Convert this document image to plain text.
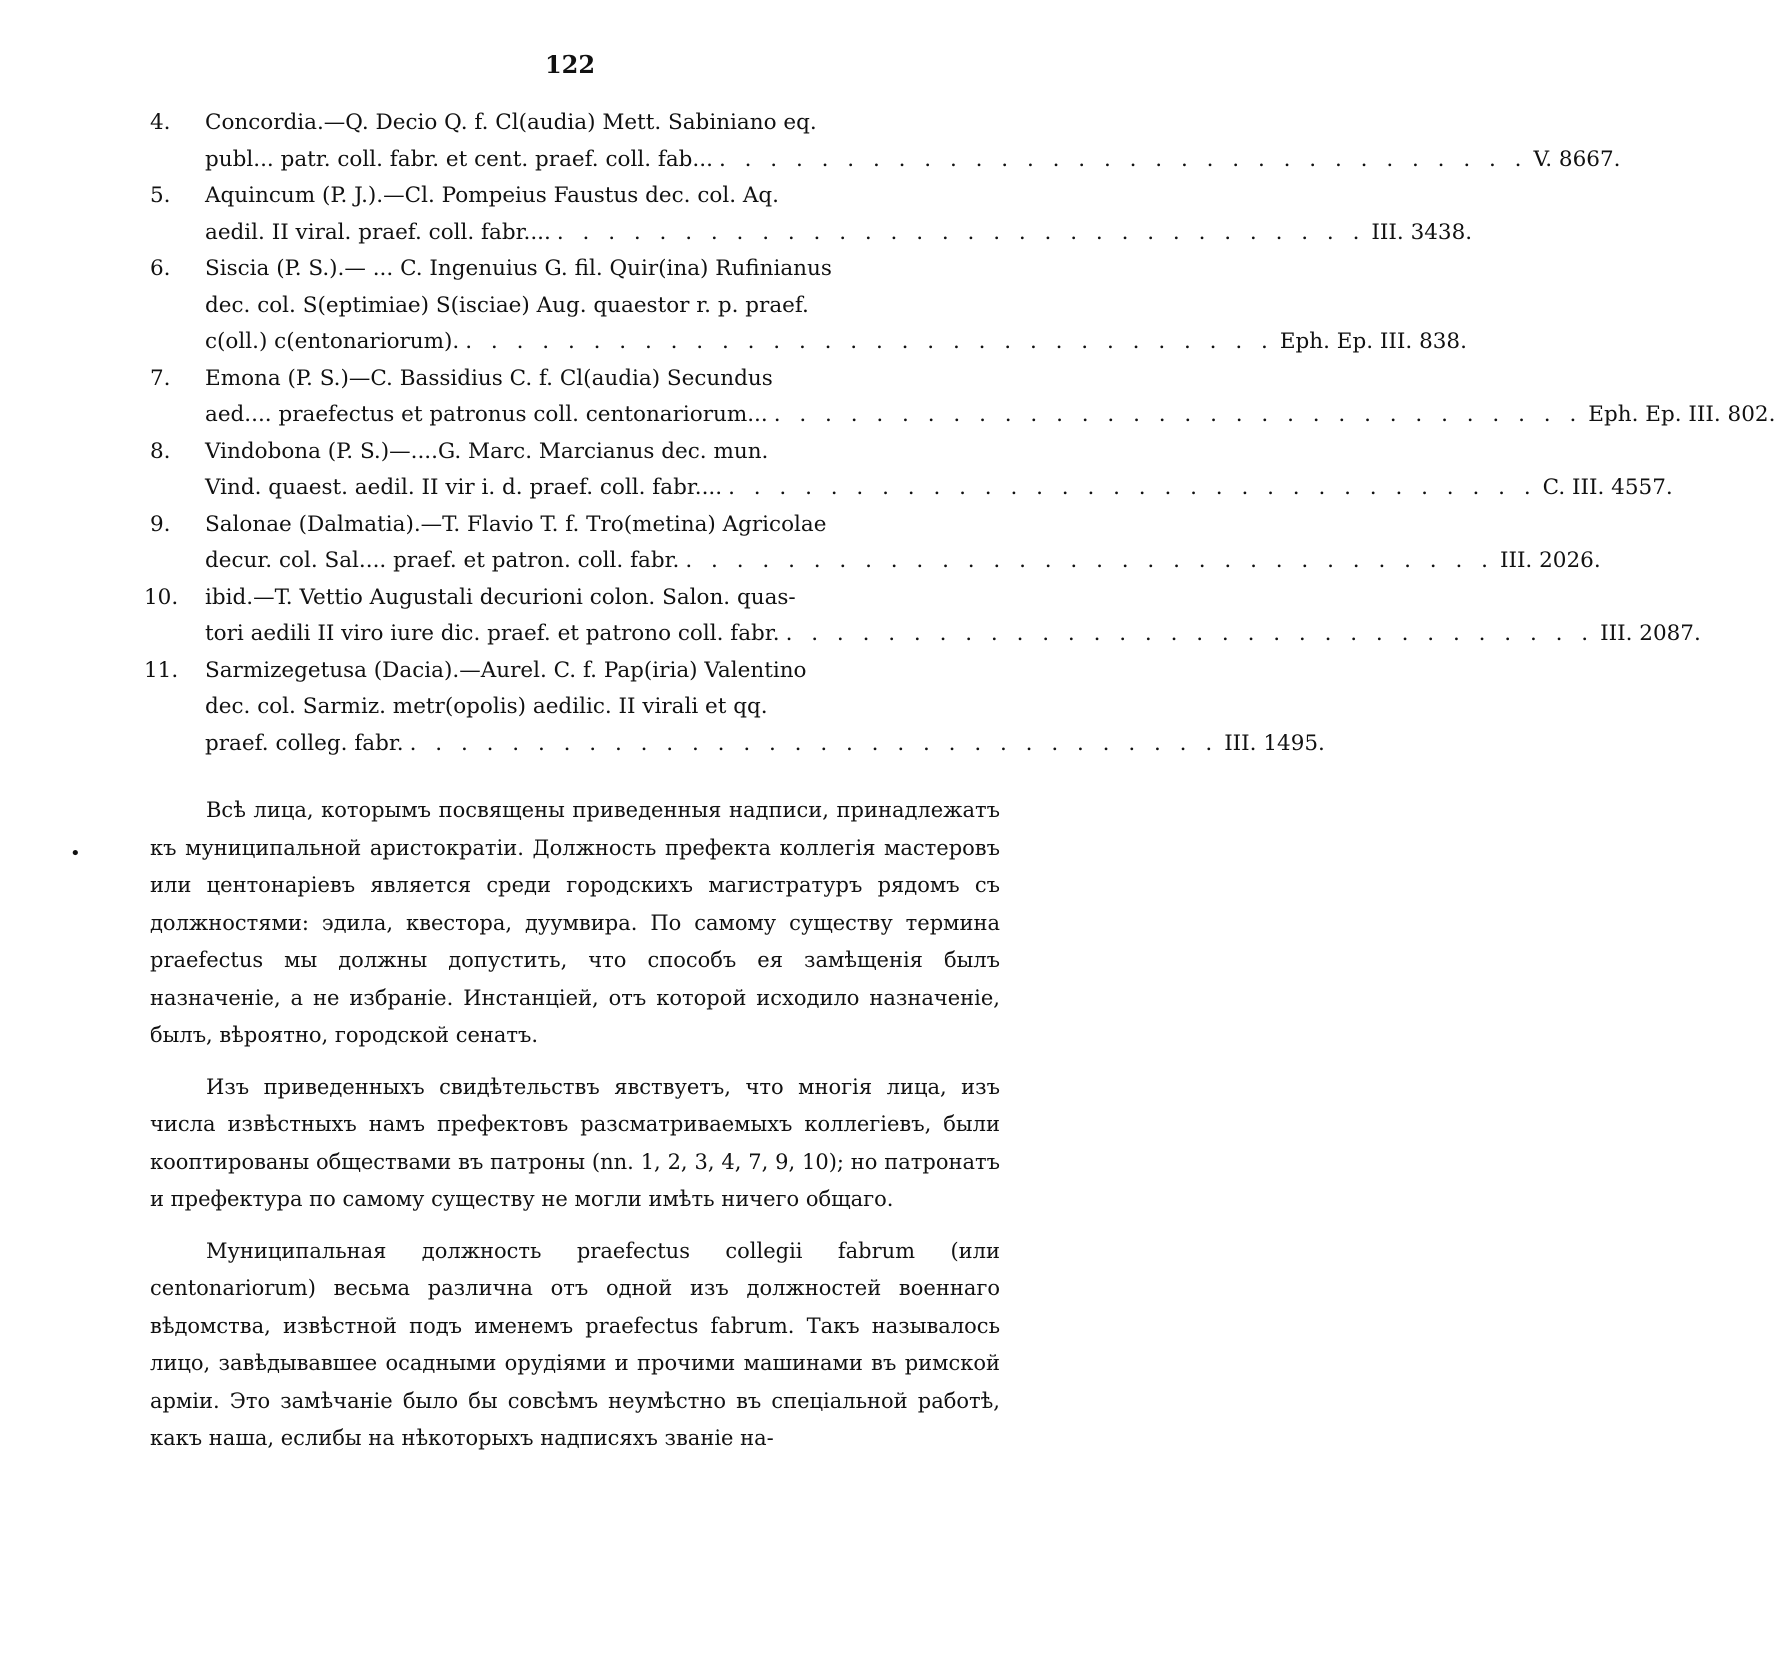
122
4. Concordia.—Q. Decio Q. f. Cl(audia) Mett. Sabiniano eq.
publ... patr. coll. fabr. et cent. praef. coll. fab... . . . . . . . . . . . . . . . . . . . . . . . . . . . . . . . . V. 8667.
5. Aquincum (P. J.).—Cl. Pompeius Faustus dec. col. Aq.
aedil. II viral. praef. coll. fabr.... . . . . . . . . . . . . . . . . . . . . . . . . . . . . . . . . III. 3438.
6. Siscia (P. S.).— ... C. Ingenuius G. fil. Quir(ina) Rufinianus
dec. col. S(eptimiae) S(isciae) Aug. quaestor r. p. praef.
c(oll.) c(entonariorum). . . . . . . . . . . . . . . . . . . . . . . . . . . . . . . . . Eph. Ep. III. 838.
7. Emona (P. S.)—C. Bassidius C. f. Cl(audia) Secundus
aed.... praefectus et patronus coll. centonariorum... . . . . . . . . . . . . . . . . . . . . . . . . . . . . . . . . Eph. Ep. III. 802.
8. Vindobona (P. S.)—....G. Marc. Marcianus dec. mun.
Vind. quaest. aedil. II vir i. d. praef. coll. fabr.... . . . . . . . . . . . . . . . . . . . . . . . . . . . . . . . . C. III. 4557.
9. Salonae (Dalmatia).—T. Flavio T. f. Tro(metina) Agricolae
decur. col. Sal.... praef. et patron. coll. fabr. . . . . . . . . . . . . . . . . . . . . . . . . . . . . . . . . III. 2026.
10. ibid.—T. Vettio Augustali decurioni colon. Salon. quas-
tori aedili II viro iure dic. praef. et patrono coll. fabr. . . . . . . . . . . . . . . . . . . . . . . . . . . . . . . . . III. 2087.
11. Sarmizegetusa (Dacia).—Aurel. C. f. Pap(iria) Valentino
dec. col. Sarmiz. metr(opolis) aedilic. II virali et qq.
praef. colleg. fabr. . . . . . . . . . . . . . . . . . . . . . . . . . . . . . . . . III. 1495.
•

Всѣ лица, которымъ посвящены приведенныя надписи, принадлежатъ къ муниципальной аристократіи. Должность префекта коллегія мастеровъ или центонаріевъ является среди городскихъ магистратуръ рядомъ съ должностями: эдила, квестора, дуумвира. По самому существу термина praefectus мы должны допустить, что способъ ея замѣщенія былъ назначеніе, а не избраніе. Инстанціей, отъ которой исходило назначеніе, былъ, вѣроятно, городской сенатъ.

Изъ приведенныхъ свидѣтельствъ явствуетъ, что многія лица, изъ числа извѣстныхъ намъ префектовъ разсматриваемыхъ коллегіевъ, были кооптированы обществами въ патроны (nn. 1, 2, 3, 4, 7, 9, 10); но патронатъ и префектура по самому существу не могли имѣть ничего общаго.

Муниципальная должность praefectus collegii fabrum (или centonariorum) весьма различна отъ одной изъ должностей военнаго вѣдомства, извѣстной подъ именемъ praefectus fabrum. Такъ называлось лицо, завѣдывавшее осадными орудіями и прочими машинами въ римской арміи. Это замѣчаніе было бы совсѣмъ неумѣстно въ спеціальной работѣ, какъ наша, еслибы на нѣкоторыхъ надписяхъ званіе на-
